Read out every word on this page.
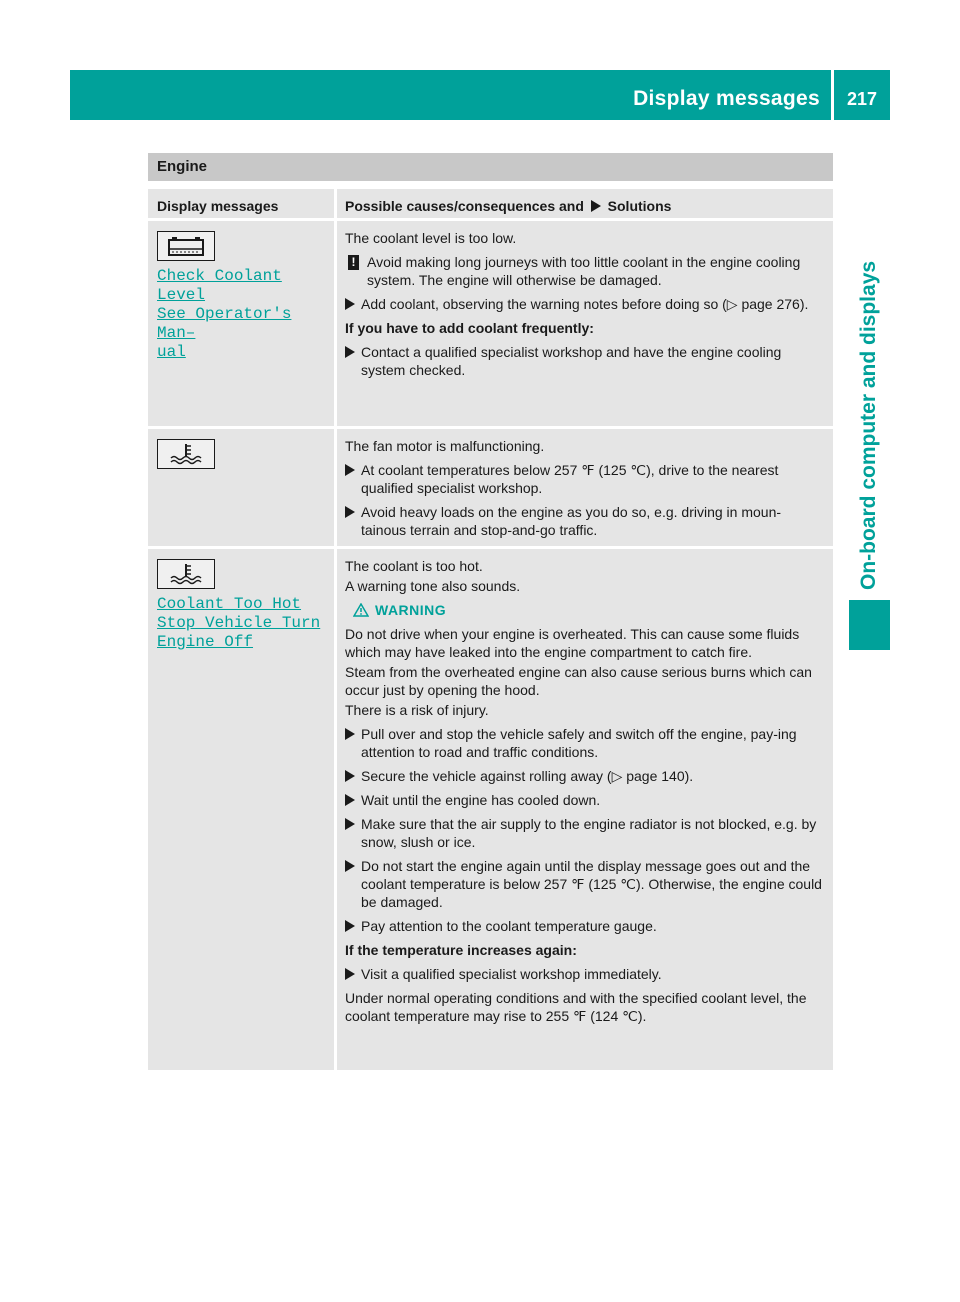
Display messages	217
On-board computer and displays
Engine
Display messages	Possible causes/consequences and Solutions
Check Coolant Level
See Operator's Man–
ual

The coolant level is too low.

! Avoid making long journeys with too little coolant in the engine cooling system. The engine will otherwise be damaged.
Add coolant, observing the warning notes before doing so (▷ page 276).

If you have to add coolant frequently:

Contact a qualified specialist workshop and have the engine cooling system checked.

The fan motor is malfunctioning.

At coolant temperatures below 257 ℉ (125 ℃), drive to the nearest qualified specialist workshop.
Avoid heavy loads on the engine as you do so, e.g. driving in moun-tainous terrain and stop-and-go traffic.
Coolant Too Hot
Stop Vehicle Turn
Engine Off

The coolant is too hot.

A warning tone also sounds.

WARNING

Do not drive when your engine is overheated. This can cause some fluids which may have leaked into the engine compartment to catch fire.

Steam from the overheated engine can also cause serious burns which can occur just by opening the hood.

There is a risk of injury.

Pull over and stop the vehicle safely and switch off the engine, pay-ing attention to road and traffic conditions.
Secure the vehicle against rolling away (▷ page 140).
Wait until the engine has cooled down.
Make sure that the air supply to the engine radiator is not blocked, e.g. by snow, slush or ice.
Do not start the engine again until the display message goes out and the coolant temperature is below 257 ℉ (125 ℃). Otherwise, the engine could be damaged.
Pay attention to the coolant temperature gauge.

If the temperature increases again:

Visit a qualified specialist workshop immediately.

Under normal operating conditions and with the specified coolant level, the coolant temperature may rise to 255 ℉ (124 ℃).
